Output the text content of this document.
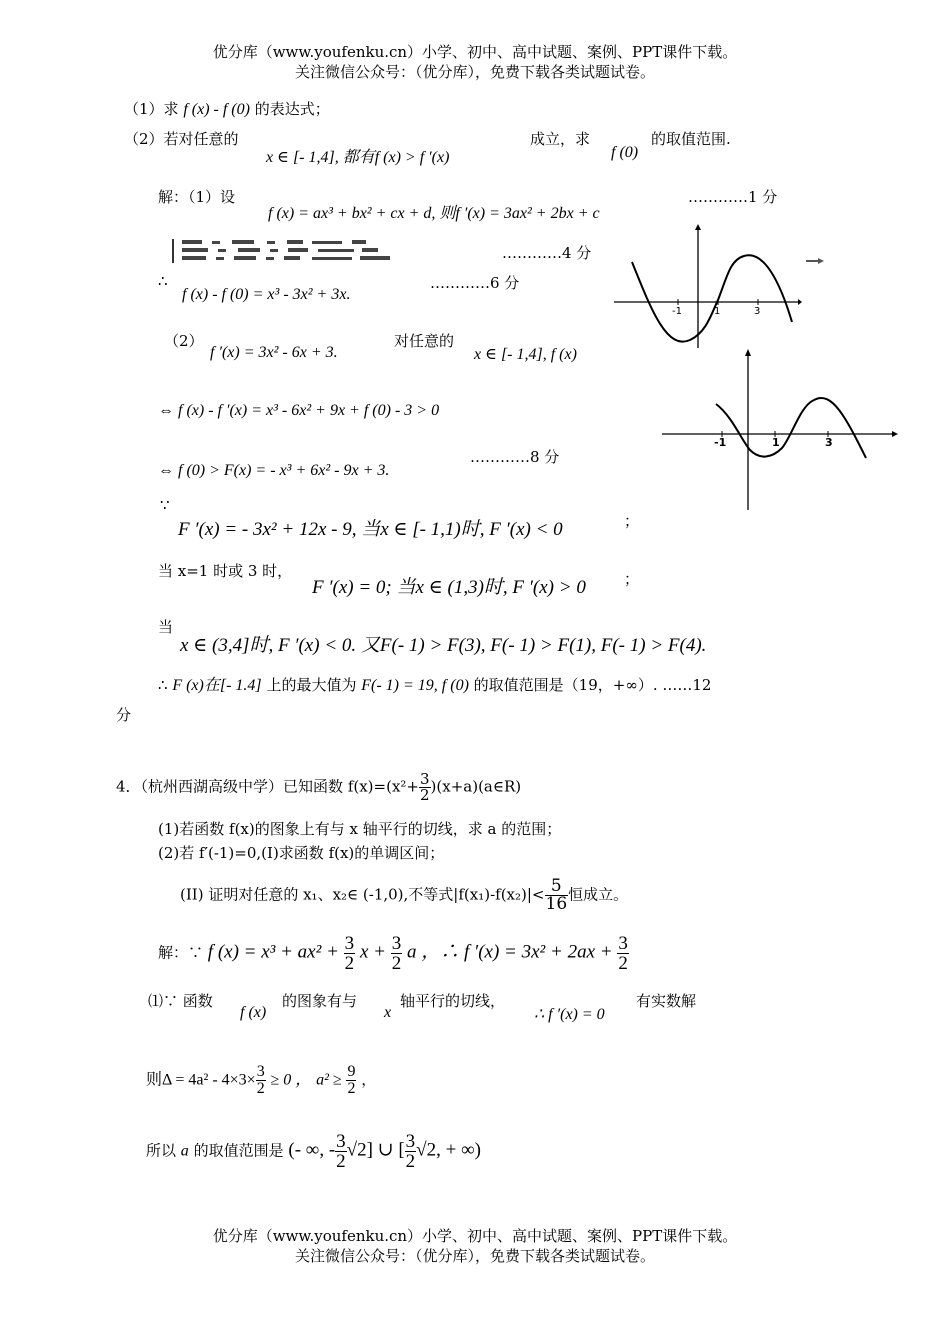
优分库（www.youfenku.cn）小学、初中、高中试题、案例、PPT课件下载。
关注微信公众号：（优分库），免费下载各类试题试卷。
（1）求 f (x) - f (0) 的表达式；
（2）若对任意的
x ∈ [- 1,4], 都有f (x) > f ′(x)
成立，求
f (0)
的取值范围.
解：（1）设
f (x) = ax³ + bx² + cx + d, 则f ′(x) = 3ax² + 2bx + c
…………1 分
…………4 分
∴
f (x) - f (0) = x³ - 3x² + 3x.
…………6 分
-1	1	3
（2）
f ′(x) = 3x² - 6x + 3.
对任意的
x ∈ [- 1,4], f (x)
-1	1	3
⇔ f (x) - f ′(x) = x³ - 6x² + 9x + f (0) - 3 > 0
⇔ f (0) > F(x) = - x³ + 6x² - 9x + 3.
…………8 分
∵
F ′(x) = - 3x² + 12x - 9, 当x ∈ [- 1,1)时, F ′(x) < 0	；
当 x=1 时或 3 时，
F ′(x) = 0; 当x ∈ (1,3)时, F ′(x) > 0	；
当
x ∈ (3,4]时, F ′(x) < 0. 又F(- 1) > F(3), F(- 1) > F(1), F(- 1) > F(4).
∴ F (x)在[- 1.4] 上的最大值为 F(- 1) = 19, f (0) 的取值范围是（19，+∞）. ……12
分
4．（杭州西湖高级中学）已知函数 $f(x)=(x^2+ \frac{3}{2}$ )(x+a)(a∈R)
(1)若函数 f(x)的图象上有与 x 轴平行的切线，求 a 的范围；
(2)若 f′(-1)=0,(I)求函数 f(x)的单调区间；
(II) 证明对任意的 x₁、x₂∈ (-1,0),不等式$|f(x_1)-f(x_2)|< \frac{5}{16}$ 恒成立。
解：∵ f $(x) = x^3 + ax^2 + \frac{3}{2}$ $x + \frac{3}{2}$ a ，∴ f $'(x) = 3x^2 + 2ax + \frac{3}{2}$
⑴∵ 函数
f (x)
的图象有与
x
轴平行的切线，
∴ f ′(x) = 0
有实数解
则$\Delta = 4a^2 - 4\times 3\times \frac{3}{2} \ge 0$ ， $a^2 \ge \frac{9}{2}$ ，
所以 a 的取值范围是 (- ∞, - $\frac{3}{2} √2$] ∪ [ $\frac{3}{2} √2$, + ∞)
优分库（www.youfenku.cn）小学、初中、高中试题、案例、PPT课件下载。
关注微信公众号：（优分库），免费下载各类试题试卷。
